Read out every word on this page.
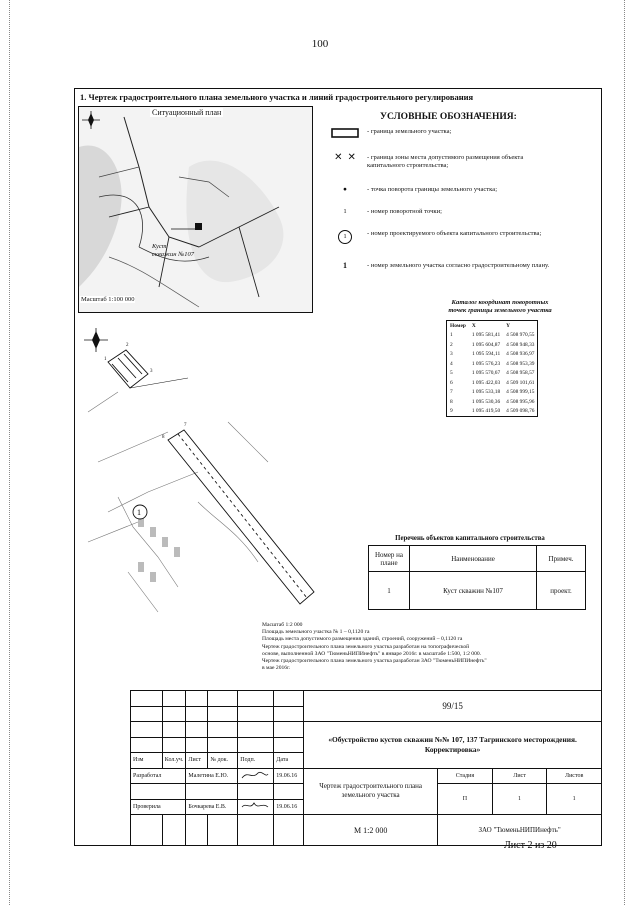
100
1. Чертеж градостроительного плана земельного участка и линий градостроительного регулирования
Ситуационный план
Куст
скважин №107
Масштаб 1:100 000
УСЛОВНЫЕ ОБОЗНАЧЕНИЯ:
- граница земельного участка;
✕  ✕	- граница зоны места допустимого размещения объекта капитального строительства;
●	- точка поворота границы земельного участка;
1	- номер поворотной точки;
1	- номер проектируемого объекта капитального строительства;
1	- номер земельного участка согласно градостроительному плану.
Каталог координат поворотных
точек границы земельного участка
Номер	X	Y
1	1 095 581,41	4 508 970,55
2	1 095 604,87	4 508 948,33
3	1 095 594,11	4 508 936,97
4	1 095 576,23	4 508 953,39
5	1 095 570,67	4 508 958,57
6	1 095 422,03	4 509 101,61
7	1 095 533,18	4 508 999,15
8	1 095 530,36	4 508 995,96
9	1 095 419,50	4 509 098,76
1
1
2
3
7
8
Перечень объектов капитального строительства
Номер на плане	Наименование	Примеч.
1	Куст скважин №107	проект.
Масштаб 1:2 000
Площадь земельного участка № 1 – 0,1120 га
Площадь места допустимого размещения зданий, строений, сооружений – 0,1120 га
Чертеж градостроительного плана земельного участка разработан на топографической
основе, выполненной ЗАО "ТюменьНИПИнефть" в январе 2016г. в масштабе 1:500, 1:2 000.
Чертеж градостроительного плана земельного участка разработан ЗАО "ТюменьНИПИнефть"
в мае 2016г.
						99/15			

						«Обустройство кустов скважин №№ 107, 137 Тагринского месторождения. Корректировка»			

Изм	Кол.уч.	Лист	№ док.	Подп.	Дата				
Разработал		Малетина Е.Ю.			19.06.16	Чертеж градостроительного плана земельного участка	Стадия	Лист	Листов
							П	1	1
Проверила		Бочкарева Е.В.			19.06.16				
						М 1:2 000	ЗАО "ТюменьНИПИнефть"		
Лист 2 из 20
